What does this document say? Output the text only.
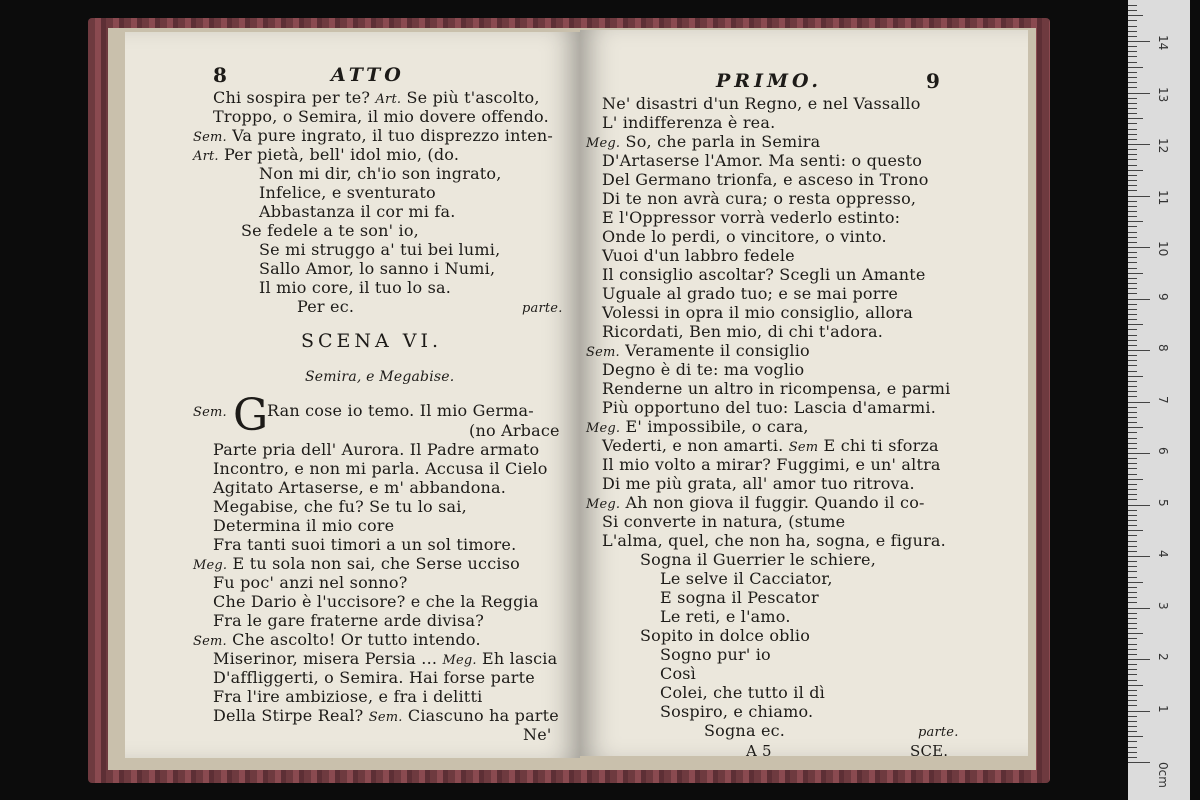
8	ATTO
Chi sospira per te? Art. Se più t'ascolto,
Troppo, o Semira, il mio dovere offendo.
Sem. Va pure ingrato, il tuo disprezzo inten-
Art. Per pietà, bell' idol mio, (do.
Non mi dir, ch'io son ingrato,
Infelice, e sventurato
Abbastanza il cor mi fa.
Se fedele a te son' io,
Se mi struggo a' tui bei lumi,
Sallo Amor, lo sanno i Numi,
Il mio core, il tuo lo sa.
Per ec.	parte.
SCENA VI.
Semira, e Megabise.
Sem. G
Ran cose io temo. Il mio Germa-
(no Arbace
Parte pria dell' Aurora. Il Padre armato
Incontro, e non mi parla. Accusa il Cielo
Agitato Artaserse, e m' abbandona.
Megabise, che fu? Se tu lo sai,
Determina il mio core
Fra tanti suoi timori a un sol timore.
Meg. E tu sola non sai, che Serse ucciso
Fu poc' anzi nel sonno?
Che Dario è l'uccisore? e che la Reggia
Fra le gare fraterne arde divisa?
Sem. Che ascolto! Or tutto intendo.
Miserinor, misera Persia ... Meg. Eh lascia
D'affliggerti, o Semira. Hai forse parte
Fra l'ire ambiziose, e fra i delitti
Della Stirpe Real? Sem. Ciascuno ha parte
Ne'
PRIMO.	9
Ne' disastri d'un Regno, e nel Vassallo
L' indifferenza è rea.
Meg. So, che parla in Semira
D'Artaserse l'Amor. Ma senti: o questo
Del Germano trionfa, e asceso in Trono
Di te non avrà cura; o resta oppresso,
E l'Oppressor vorrà vederlo estinto:
Onde lo perdi, o vincitore, o vinto.
Vuoi d'un labbro fedele
Il consiglio ascoltar? Scegli un Amante
Uguale al grado tuo; e se mai porre
Volessi in opra il mio consiglio, allora
Ricordati, Ben mio, di chi t'adora.
Sem. Veramente il consiglio
Degno è di te: ma voglio
Renderne un altro in ricompensa, e parmi
Più opportuno del tuo: Lascia d'amarmi.
Meg. E' impossibile, o cara,
Vederti, e non amarti. Sem E chi ti sforza
Il mio volto a mirar? Fuggimi, e un' altra
Di me più grata, all' amor tuo ritrova.
Meg. Ah non giova il fuggir. Quando il co-
Si converte in natura, (stume
L'alma, quel, che non ha, sogna, e figura.
Sogna il Guerrier le schiere,
Le selve il Cacciator,
E sogna il Pescator
Le reti, e l'amo.
Sopito in dolce oblio
Sogno pur' io
Così
Colei, che tutto il dì
Sospiro, e chiamo.
Sogna ec.	parte.
A 5	SCE.
1
2
3
4
5
6
7
8
9
10
11
12
13
14
0cm
